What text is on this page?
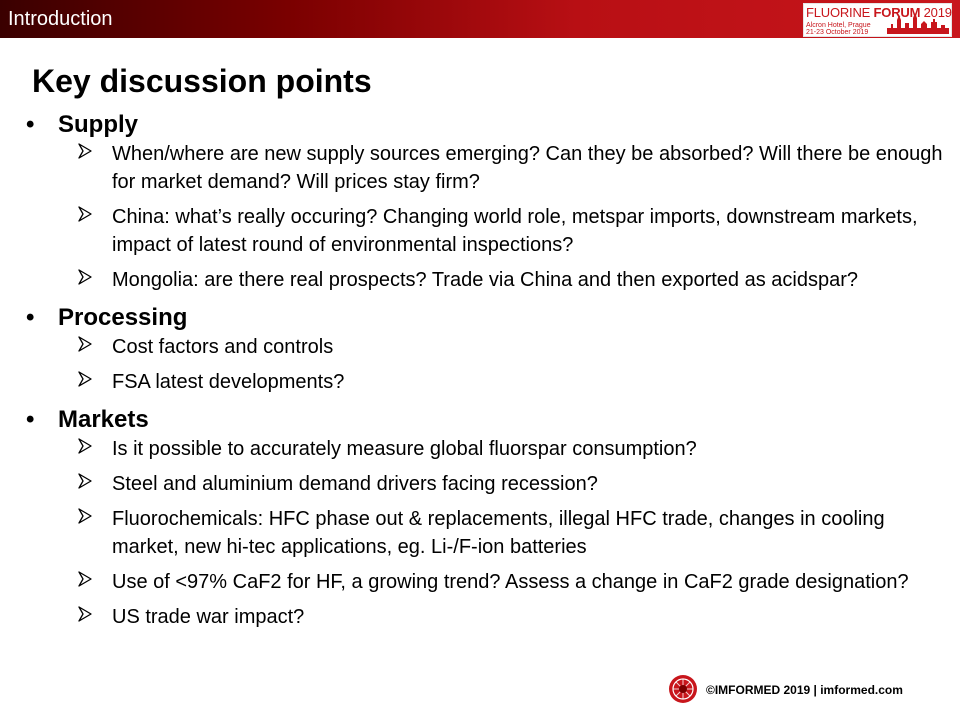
Introduction	FLUORINE FORUM 2019
Alcron Hotel, Prague
21-23 October 2019
Key discussion points
• Supply
When/where are new supply sources emerging? Can they be absorbed? Will there be enough for market demand? Will prices stay firm?
China: what’s really occuring? Changing world role, metspar imports, downstream markets, impact of latest round of environmental inspections?
Mongolia: are there real prospects? Trade via China and then exported as acidspar?
• Processing
Cost factors and controls
FSA latest developments?
• Markets
Is it possible to accurately measure global fluorspar consumption?
Steel and aluminium demand drivers facing recession?
Fluorochemicals: HFC phase out & replacements, illegal HFC trade, changes in cooling market, new hi-tec applications, eg. Li-/F-ion batteries
Use of <97% CaF2 for HF, a growing trend? Assess a change in CaF2 grade designation?
US trade war impact?
©IMFORMED 2019 | imformed.com
